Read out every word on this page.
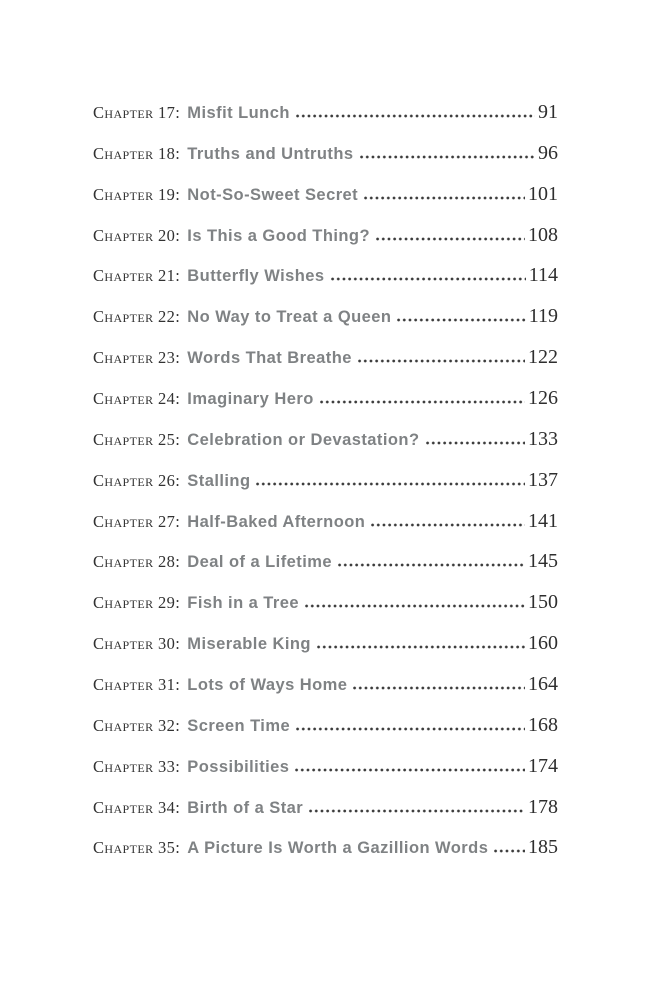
Chapter 17: Misfit Lunch	91
Chapter 18: Truths and Untruths	96
Chapter 19: Not-So-Sweet Secret	101
Chapter 20: Is This a Good Thing?	108
Chapter 21: Butterfly Wishes	114
Chapter 22: No Way to Treat a Queen	119
Chapter 23: Words That Breathe	122
Chapter 24: Imaginary Hero	126
Chapter 25: Celebration or Devastation?	133
Chapter 26: Stalling	137
Chapter 27: Half-Baked Afternoon	141
Chapter 28: Deal of a Lifetime	145
Chapter 29: Fish in a Tree	150
Chapter 30: Miserable King	160
Chapter 31: Lots of Ways Home	164
Chapter 32: Screen Time	168
Chapter 33: Possibilities	174
Chapter 34: Birth of a Star	178
Chapter 35: A Picture Is Worth a Gazillion Words 185
